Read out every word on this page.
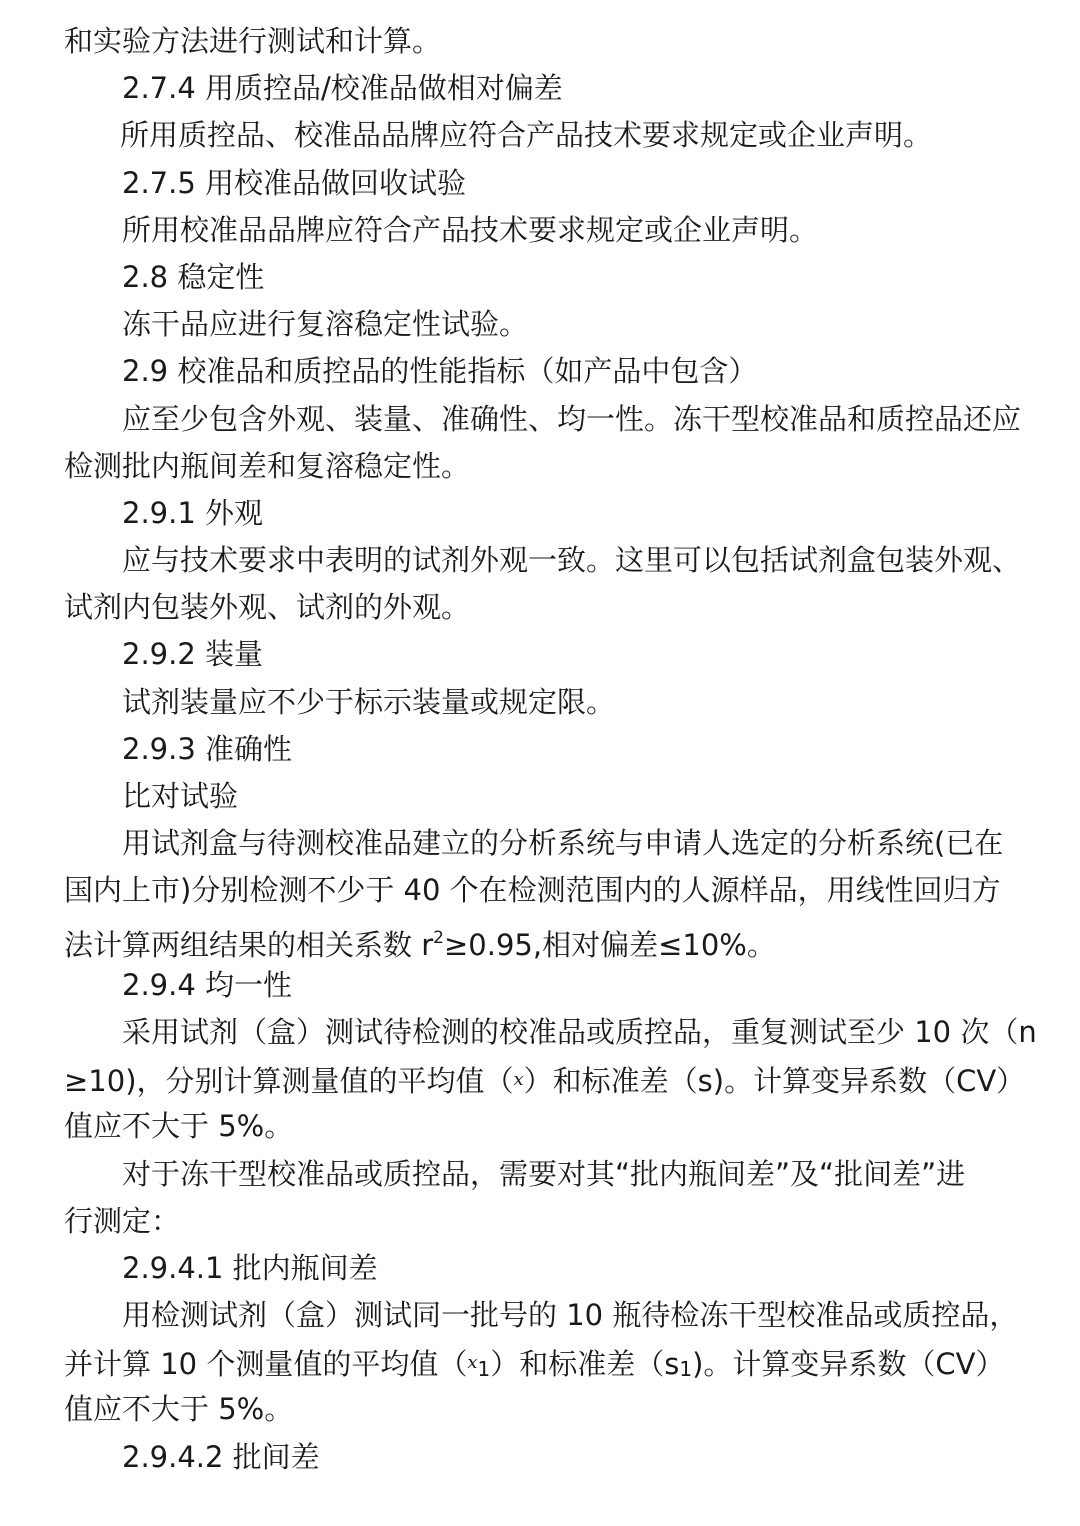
和实验方法进行测试和计算。
2.7.4 用质控品/校准品做相对偏差
所用质控品、校准品品牌应符合产品技术要求规定或企业声明。
2.7.5 用校准品做回收试验
所用校准品品牌应符合产品技术要求规定或企业声明。
2.8 稳定性
冻干品应进行复溶稳定性试验。
2.9 校准品和质控品的性能指标（如产品中包含）
应至少包含外观、装量、准确性、均一性。冻干型校准品和质控品还应
检测批内瓶间差和复溶稳定性。
2.9.1 外观
应与技术要求中表明的试剂外观一致。这里可以包括试剂盒包装外观、
试剂内包装外观、试剂的外观。
2.9.2 装量
试剂装量应不少于标示装量或规定限。
2.9.3 准确性
比对试验
用试剂盒与待测校准品建立的分析系统与申请人选定的分析系统(已在
国内上市)分别检测不少于 40 个在检测范围内的人源样品，用线性回归方
法计算两组结果的相关系数 $r^2\ge 0.95$,相对偏差≤10%。
2.9.4 均一性
采用试剂（盒）测试待检测的校准品或质控品，重复测试至少 10 次（n
≥10)，分别计算测量值的平均值（$^x$）和标准差（s)。计算变异系数（CV）
值应不大于 5%。
对于冻干型校准品或质控品，需要对其“批内瓶间差”及“批间差”进
行测定：
2.9.4.1 批内瓶间差
用检测试剂（盒）测试同一批号的 10 瓶待检冻干型校准品或质控品，
并计算 10 个测量值的平均值（$^x$1）和标准差（s1)。计算变异系数（CV）
值应不大于 5%。
2.9.4.2 批间差
